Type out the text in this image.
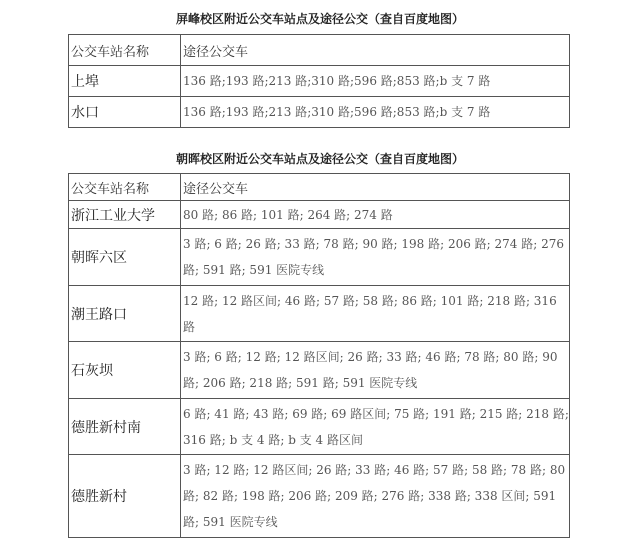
屏峰校区附近公交车站点及途径公交（查自百度地图）
公交车站名称	途径公交车
上埠	136 路;193 路;213 路;310 路;596 路;853 路;b 支 7 路
水口	136 路;193 路;213 路;310 路;596 路;853 路;b 支 7 路
朝晖校区附近公交车站点及途径公交（查自百度地图）
公交车站名称	途径公交车
浙江工业大学	80 路; 86 路; 101 路; 264 路; 274 路
朝晖六区	3 路; 6 路; 26 路; 33 路; 78 路; 90 路; 198 路; 206 路; 274 路; 276 路; 591 路; 591 医院专线
潮王路口	12 路; 12 路区间; 46 路; 57 路; 58 路; 86 路; 101 路; 218 路; 316 路
石灰坝	3 路; 6 路; 12 路; 12 路区间; 26 路; 33 路; 46 路; 78 路; 80 路; 90 路; 206 路; 218 路; 591 路; 591 医院专线
德胜新村南	6 路; 41 路; 43 路; 69 路; 69 路区间; 75 路; 191 路; 215 路; 218 路; 316 路; b 支 4 路; b 支 4 路区间
德胜新村	3 路; 12 路; 12 路区间; 26 路; 33 路; 46 路; 57 路; 58 路; 78 路; 80 路; 82 路; 198 路; 206 路; 209 路; 276 路; 338 路; 338 区间; 591 路; 591 医院专线
